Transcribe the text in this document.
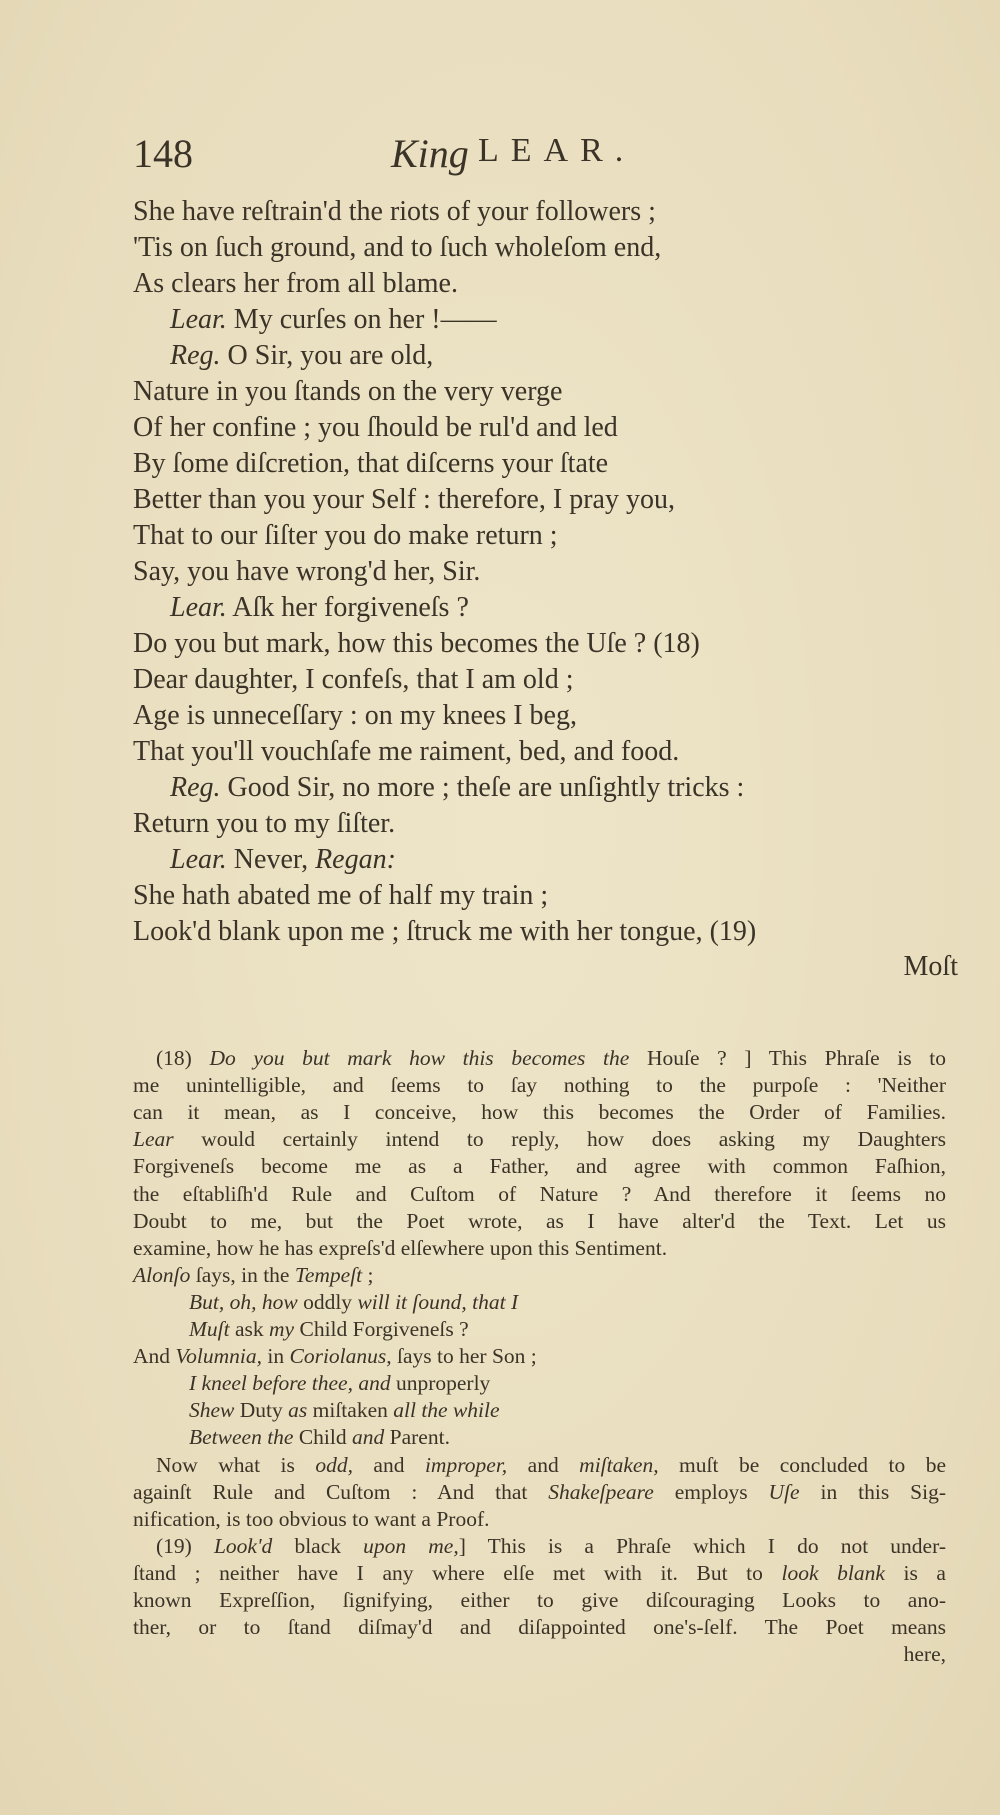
148	King LEAR.
She have reſtrain'd the riots of your followers ;
'Tis on ſuch ground, and to ſuch wholeſom end,
As clears her from all blame.
Lear. My curſes on her !——
Reg. O Sir, you are old,
Nature in you ſtands on the very verge
Of her confine ; you ſhould be rul'd and led
By ſome diſcretion, that diſcerns your ſtate
Better than you your Self : therefore, I pray you,
That to our ſiſter you do make return ;
Say, you have wrong'd her, Sir.
Lear. Aſk her forgiveneſs ?
Do you but mark, how this becomes the Uſe ? (18)
Dear daughter, I confeſs, that I am old ;
Age is unneceſſary : on my knees I beg,
That you'll vouchſafe me raiment, bed, and food.
Reg. Good Sir, no more ; theſe are unſightly tricks :
Return you to my ſiſter.
Lear. Never, Regan:
She hath abated me of half my train ;
Look'd blank upon me ; ſtruck me with her tongue, (19)
Moſt
(18) Do you but mark how this becomes the Houſe ? ] This Phraſe is to
me unintelligible, and ſeems to ſay nothing to the purpoſe : 'Neither
can it mean, as I conceive, how this becomes the Order of Families.
Lear would certainly intend to reply, how does asking my Daughters
Forgiveneſs become me as a Father, and agree with common Faſhion,
the eſtabliſh'd Rule and Cuſtom of Nature ? And therefore it ſeems no
Doubt to me, but the Poet wrote, as I have alter'd the Text. Let us
examine, how he has expreſs'd elſewhere upon this Sentiment.
Alonſo ſays, in the Tempeſt ;
But, oh, how oddly will it ſound, that I
Muſt ask my Child Forgiveneſs ?
And Volumnia, in Coriolanus, ſays to her Son ;
I kneel before thee, and unproperly
Shew Duty as miſtaken all the while
Between the Child and Parent.
Now what is odd, and improper, and miſtaken, muſt be concluded to be
againſt Rule and Cuſtom : And that Shakeſpeare employs Uſe in this Sig-
nification, is too obvious to want a Proof.
(19) Look'd black upon me,] This is a Phraſe which I do not under-
ſtand ; neither have I any where elſe met with it. But to look blank is a
known Expreſſion, ſignifying, either to give diſcouraging Looks to ano-
ther, or to ſtand diſmay'd and diſappointed one's-ſelf. The Poet means
here,
